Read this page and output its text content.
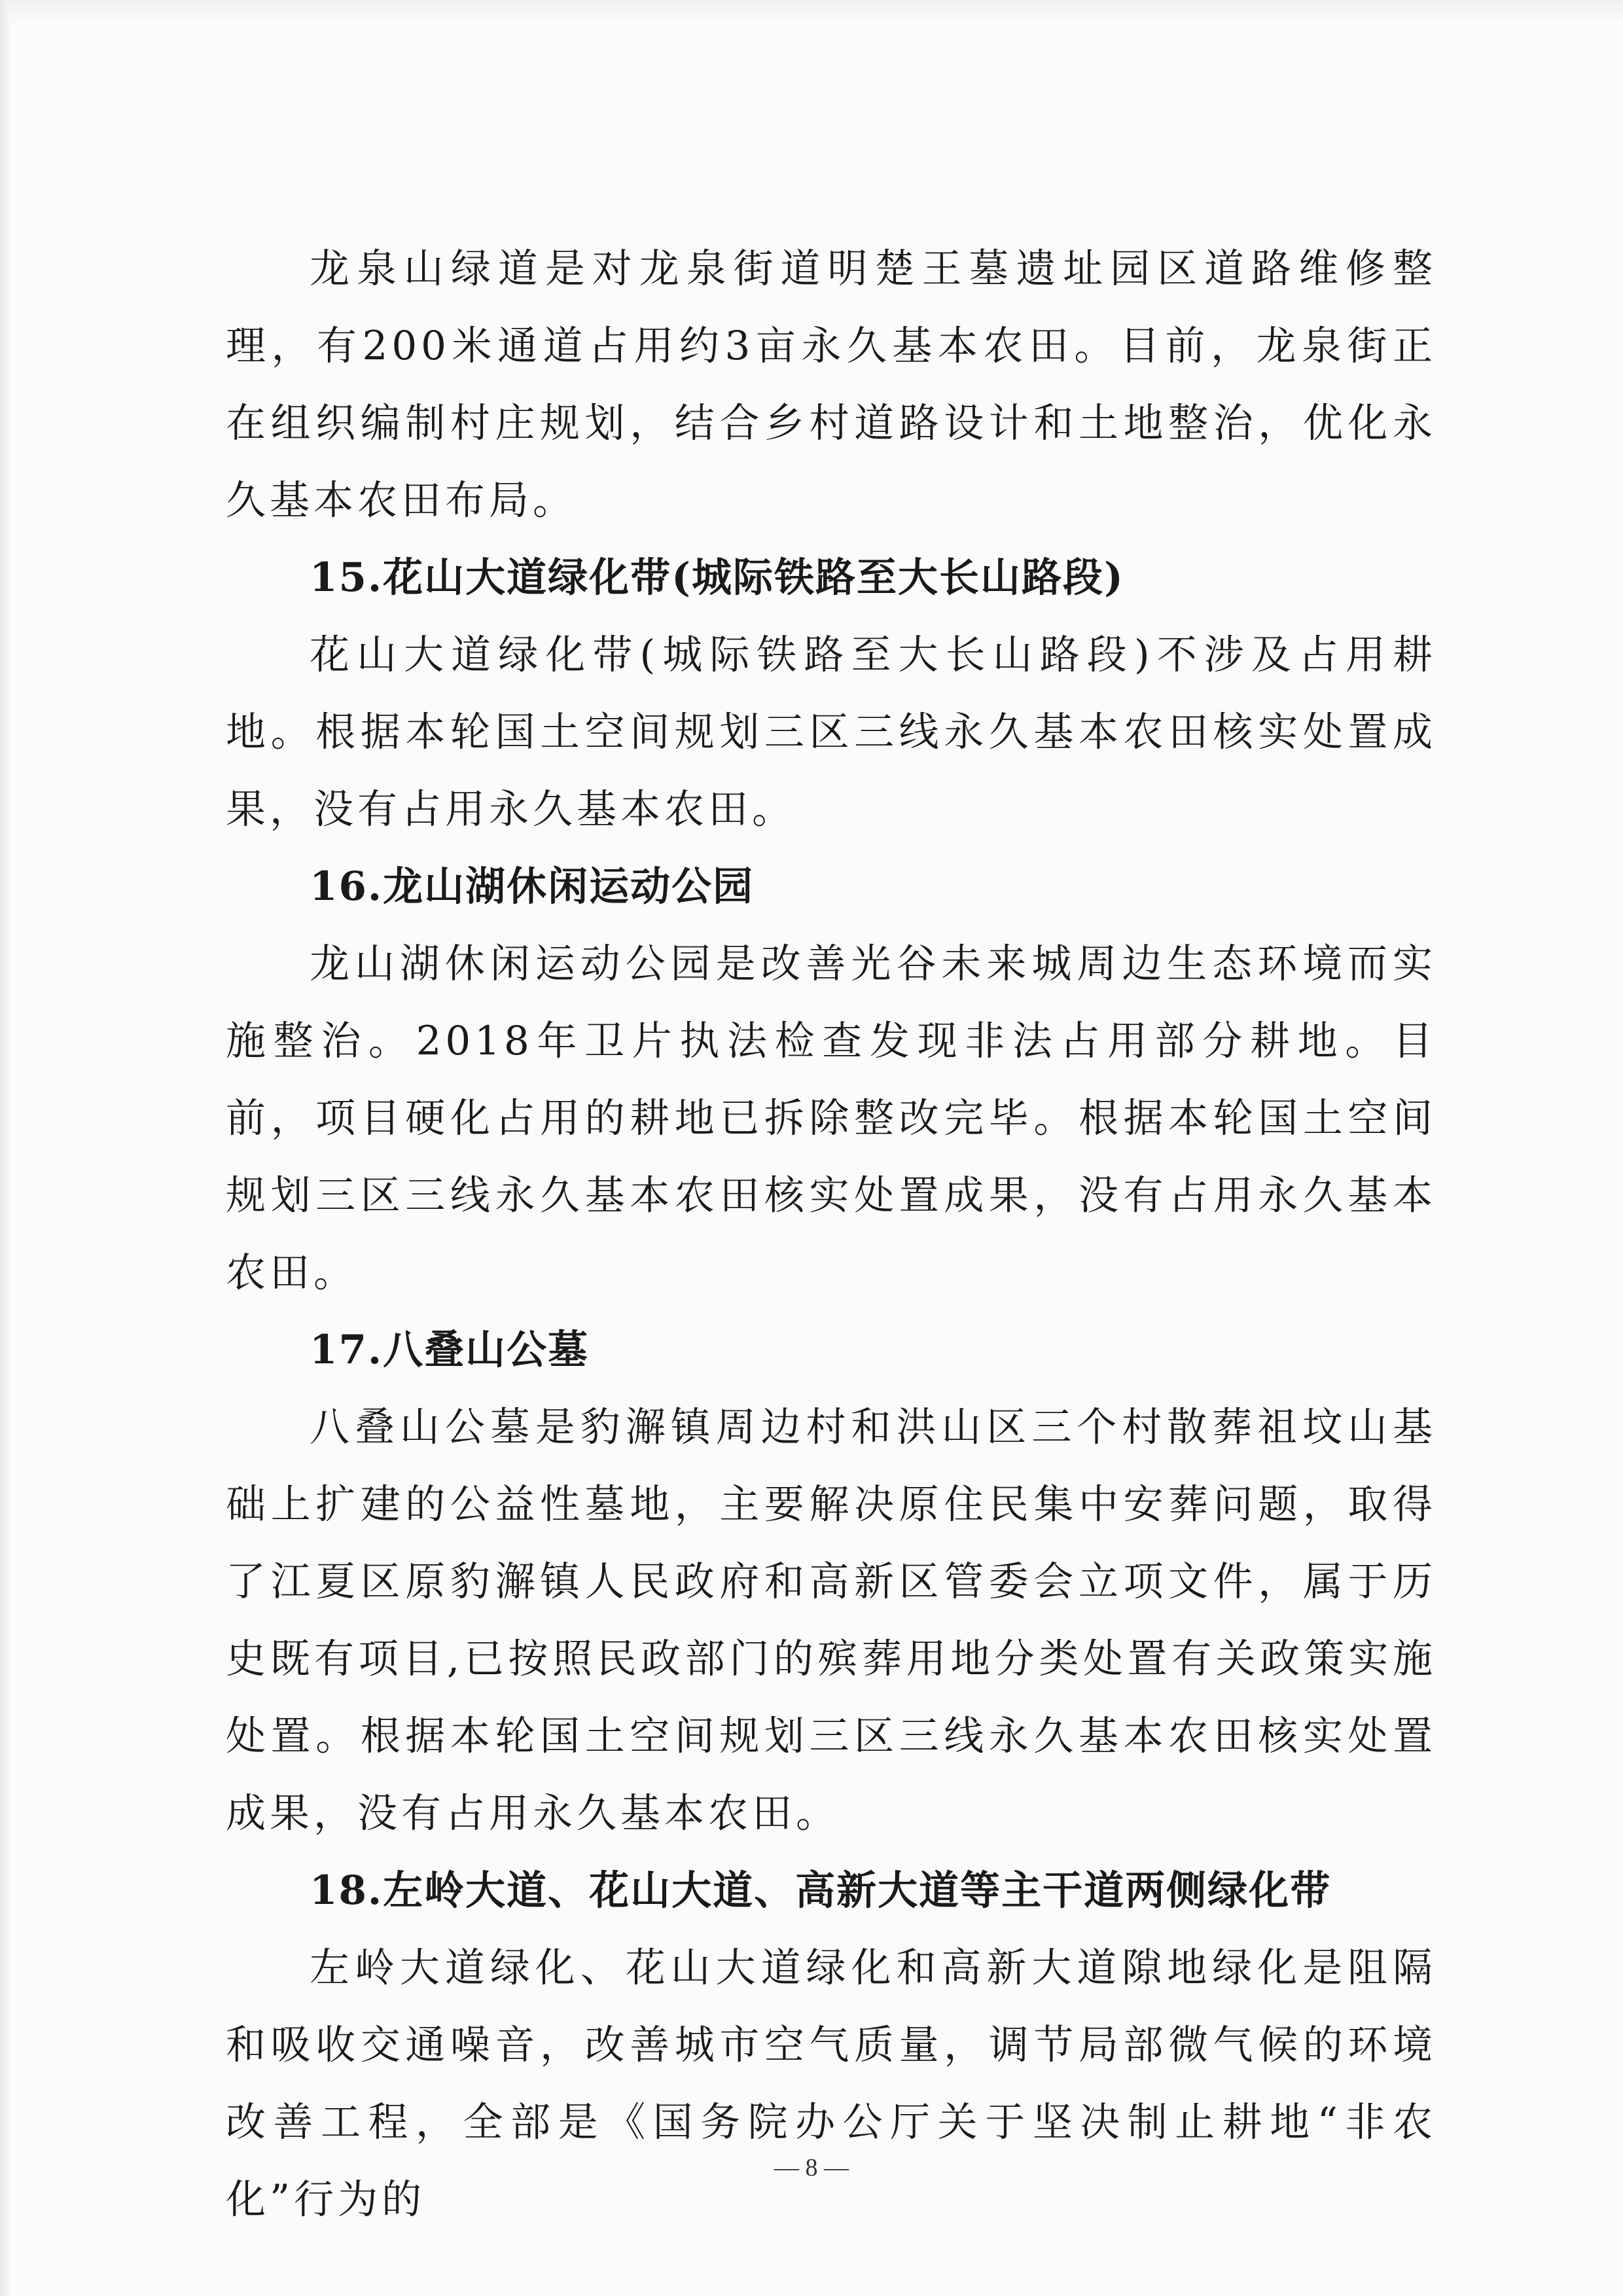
龙泉山绿道是对龙泉街道明楚王墓遗址园区道路维修整理，有200米通道占用约3亩永久基本农田。目前，龙泉街正在组织编制村庄规划，结合乡村道路设计和土地整治，优化永久基本农田布局。

15.花山大道绿化带(城际铁路至大长山路段)

花山大道绿化带(城际铁路至大长山路段)不涉及占用耕地。根据本轮国土空间规划三区三线永久基本农田核实处置成果，没有占用永久基本农田。

16.龙山湖休闲运动公园

龙山湖休闲运动公园是改善光谷未来城周边生态环境而实施整治。2018年卫片执法检查发现非法占用部分耕地。目前，项目硬化占用的耕地已拆除整改完毕。根据本轮国土空间规划三区三线永久基本农田核实处置成果，没有占用永久基本农田。

17.八叠山公墓

八叠山公墓是豹澥镇周边村和洪山区三个村散葬祖坟山基础上扩建的公益性墓地，主要解决原住民集中安葬问题，取得了江夏区原豹澥镇人民政府和高新区管委会立项文件，属于历史既有项目,已按照民政部门的殡葬用地分类处置有关政策实施处置。根据本轮国土空间规划三区三线永久基本农田核实处置成果，没有占用永久基本农田。

18.左岭大道、花山大道、高新大道等主干道两侧绿化带

左岭大道绿化、花山大道绿化和高新大道隙地绿化是阻隔和吸收交通噪音，改善城市空气质量，调节局部微气候的环境改善工程，全部是《国务院办公厅关于坚决制止耕地“非农化”行为的

— 8 —
